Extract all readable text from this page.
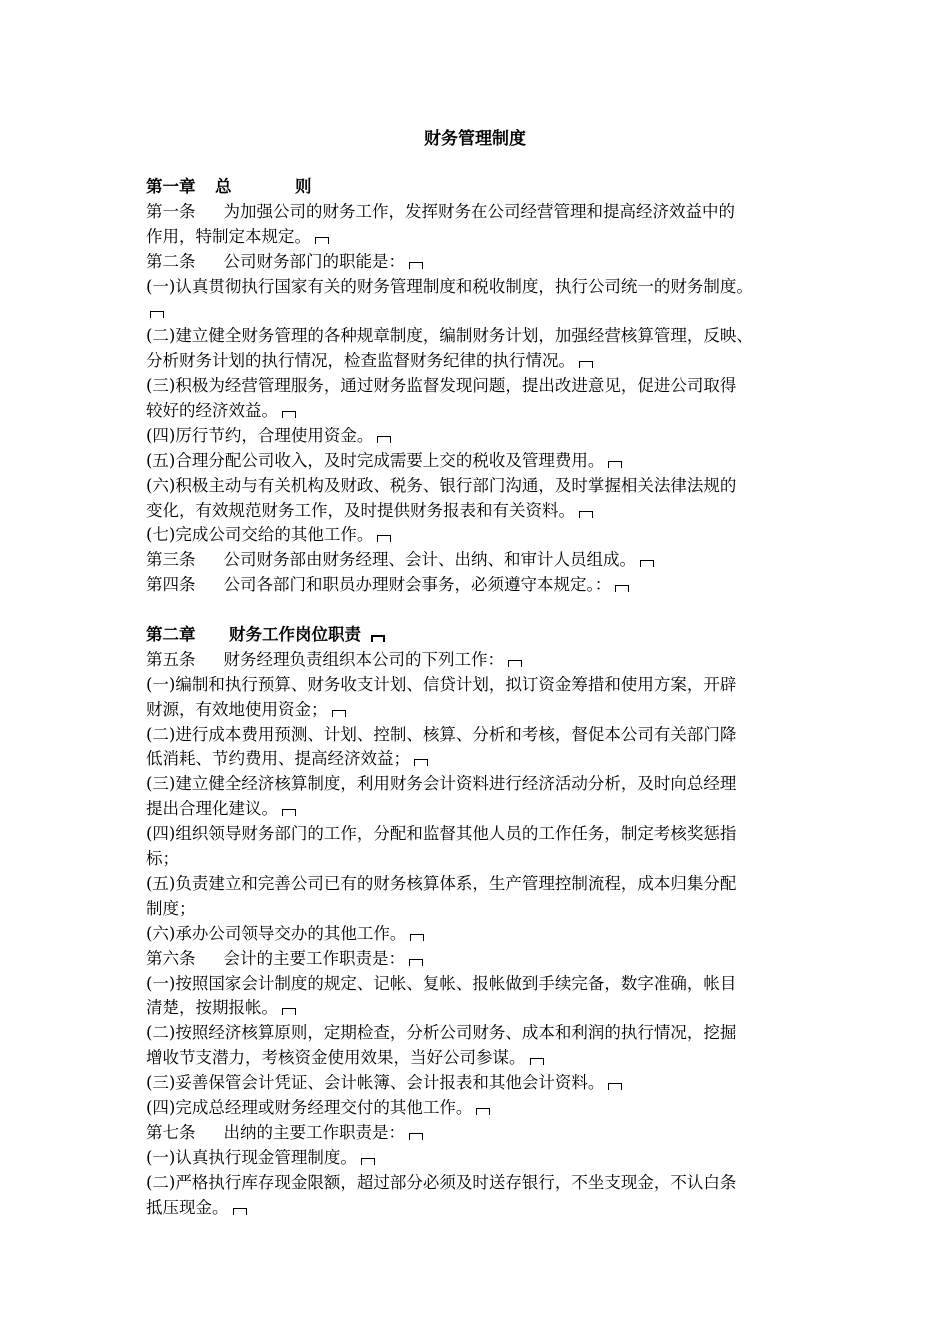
财务管理制度
第一章 总	则
第一条 为加强公司的财务工作，发挥财务在公司经营管理和提高经济效益中的
作用，特制定本规定。
第二条 公司财务部门的职能是：
(一)认真贯彻执行国家有关的财务管理制度和税收制度，执行公司统一的财务制度。
(二)建立健全财务管理的各种规章制度，编制财务计划，加强经营核算管理，反映、
分析财务计划的执行情况，检查监督财务纪律的执行情况。
(三)积极为经营管理服务，通过财务监督发现问题，提出改进意见，促进公司取得
较好的经济效益。
(四)厉行节约，合理使用资金。
(五)合理分配公司收入，及时完成需要上交的税收及管理费用。
(六)积极主动与有关机构及财政、税务、银行部门沟通，及时掌握相关法律法规的
变化，有效规范财务工作，及时提供财务报表和有关资料。
(七)完成公司交给的其他工作。
第三条 公司财务部由财务经理、会计、出纳、和审计人员组成。
第四条 公司各部门和职员办理财会事务，必须遵守本规定。：
第二章 财务工作岗位职责
第五条 财务经理负责组织本公司的下列工作：
(一)编制和执行预算、财务收支计划、信贷计划，拟订资金筹措和使用方案，开辟
财源，有效地使用资金；
(二)进行成本费用预测、计划、控制、核算、分析和考核，督促本公司有关部门降
低消耗、节约费用、提高经济效益；
(三)建立健全经济核算制度，利用财务会计资料进行经济活动分析，及时向总经理
提出合理化建议。
(四)组织领导财务部门的工作，分配和监督其他人员的工作任务，制定考核奖惩指
标；
(五)负责建立和完善公司已有的财务核算体系，生产管理控制流程，成本归集分配
制度；
(六)承办公司领导交办的其他工作。
第六条 会计的主要工作职责是：
(一)按照国家会计制度的规定、记帐、复帐、报帐做到手续完备，数字准确，帐目
清楚，按期报帐。
(二)按照经济核算原则，定期检查，分析公司财务、成本和利润的执行情况，挖掘
增收节支潜力，考核资金使用效果，当好公司参谋。
(三)妥善保管会计凭证、会计帐簿、会计报表和其他会计资料。
(四)完成总经理或财务经理交付的其他工作。
第七条 出纳的主要工作职责是：
(一)认真执行现金管理制度。
(二)严格执行库存现金限额，超过部分必须及时送存银行，不坐支现金，不认白条
抵压现金。
